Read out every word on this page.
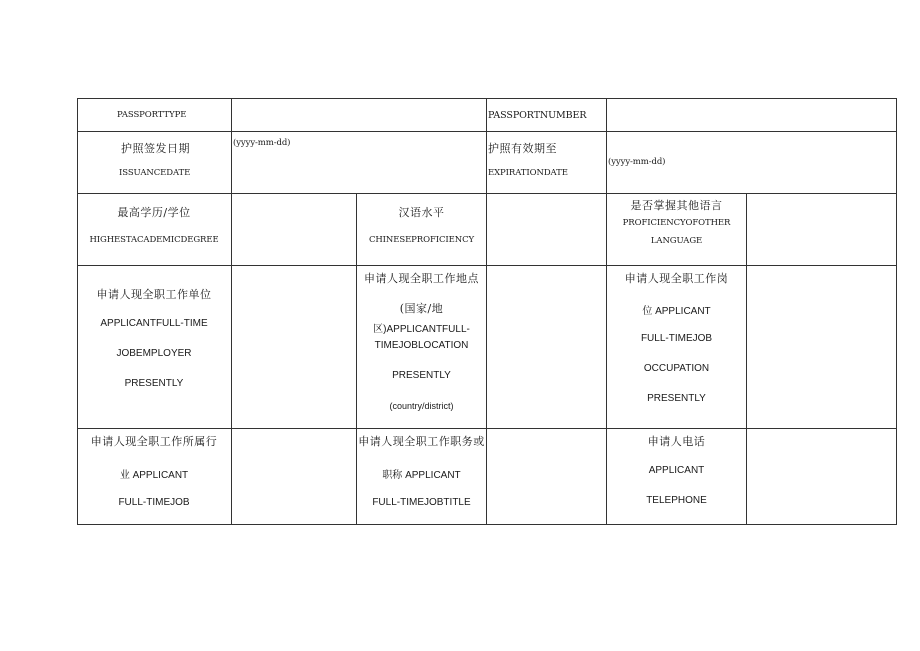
PASSPORTTYPE	PASSPORTNUMBER
护照签发日期
ISSUANCEDATE
(yyyy-mm-dd)	护照有效期至
EXPIRATIONDATE
(yyyy-mm-dd)
最高学历/学位
HIGHESTACADEMICDEGREE
汉语水平
CHINESEPROFICIENCY
是否掌握其他语言
PROFICIENCYOFOTHER
LANGUAGE
申请人现全职工作单位
APPLICANTFULL-TIME
JOBEMPLOYER
PRESENTLY
申请人现全职工作地点
(国家/地
区)APPLICANTFULL-
TIMEJOBLOCATION
PRESENTLY
(country/district)
申请人现全职工作岗
位 APPLICANT
FULL-TIMEJOB
OCCUPATION
PRESENTLY
申请人现全职工作所属行
业 APPLICANT
FULL-TIMEJOB
申请人现全职工作职务或
职称 APPLICANT
FULL-TIMEJOBTITLE
申请人电话
APPLICANT
TELEPHONE
